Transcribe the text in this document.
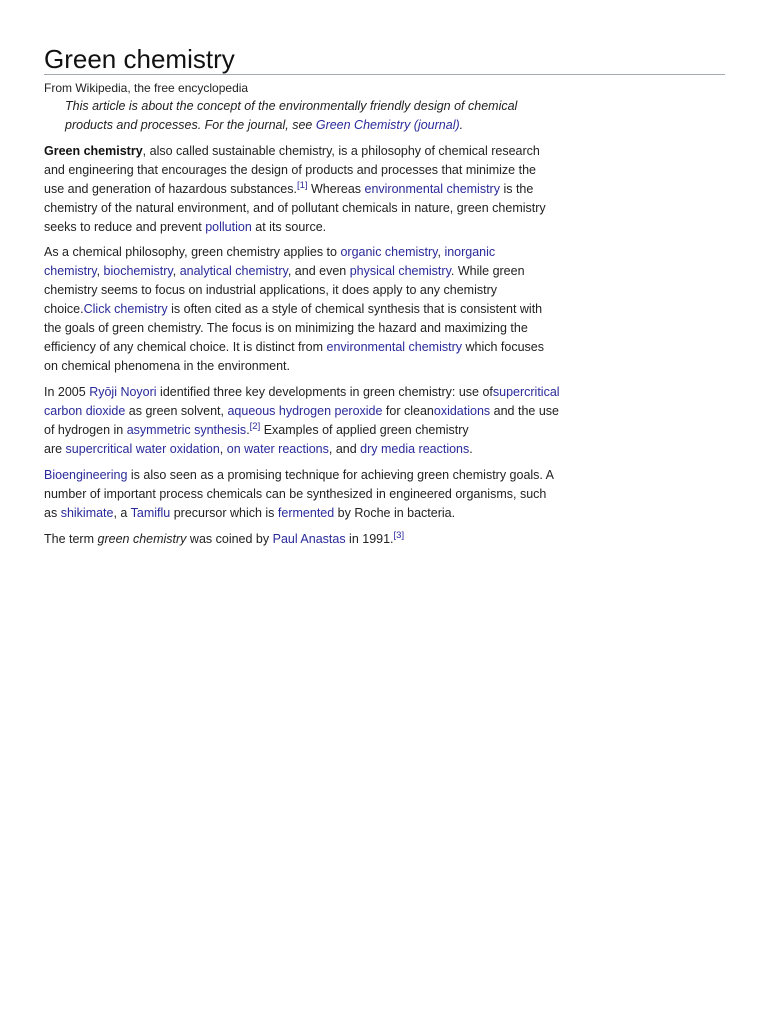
Green chemistry
From Wikipedia, the free encyclopedia
This article is about the concept of the environmentally friendly design of chemical
products and processes. For the journal, see Green Chemistry (journal).

Green chemistry, also called sustainable chemistry, is a philosophy of chemical research
and engineering that encourages the design of products and processes that minimize the
use and generation of hazardous substances.[1] Whereas environmental chemistry is the
chemistry of the natural environment, and of pollutant chemicals in nature, green chemistry
seeks to reduce and prevent pollution at its source.

As a chemical philosophy, green chemistry applies to organic chemistry, inorganic
chemistry, biochemistry, analytical chemistry, and even physical chemistry. While green
chemistry seems to focus on industrial applications, it does apply to any chemistry
choice.Click chemistry is often cited as a style of chemical synthesis that is consistent with
the goals of green chemistry. The focus is on minimizing the hazard and maximizing the
efficiency of any chemical choice. It is distinct from environmental chemistry which focuses
on chemical phenomena in the environment.

In 2005 Ryōji Noyori identified three key developments in green chemistry: use ofsupercritical
carbon dioxide as green solvent, aqueous hydrogen peroxide for cleanoxidations and the use
of hydrogen in asymmetric synthesis.[2] Examples of applied green chemistry
are supercritical water oxidation, on water reactions, and dry media reactions.

Bioengineering is also seen as a promising technique for achieving green chemistry goals. A
number of important process chemicals can be synthesized in engineered organisms, such
as shikimate, a Tamiflu precursor which is fermented by Roche in bacteria.

The term green chemistry was coined by Paul Anastas in 1991.[3]
